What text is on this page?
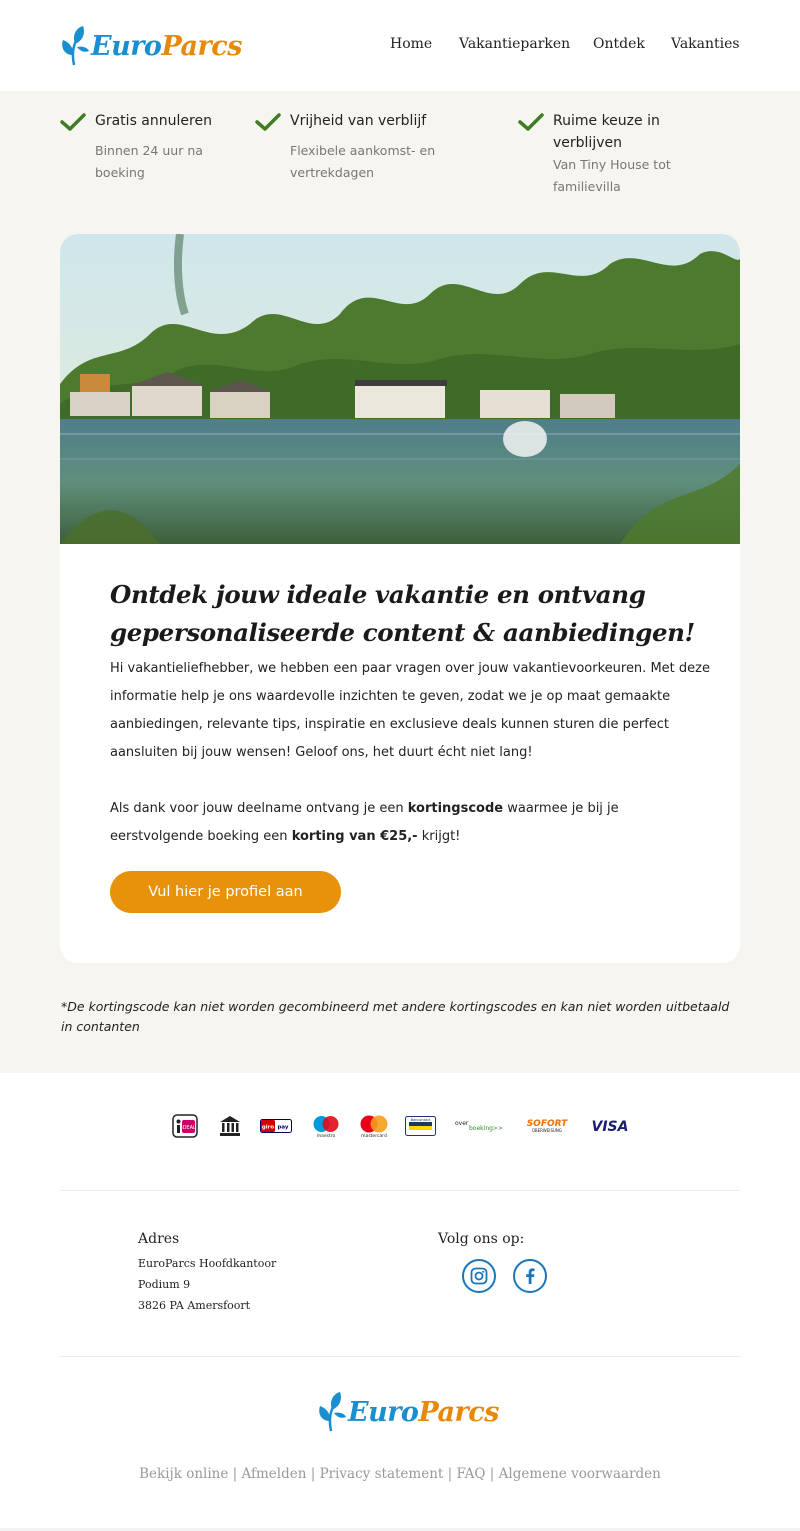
EuroParcs	Home Vakantieparken Ontdek Vakanties
Gratis annuleren
Binnen 24 uur na boeking
Vrijheid van verblijf
Flexibele aankomst- en vertrekdagen
Ruime keuze in verblijven
Van Tiny House tot familievilla
Ontdek jouw ideale vakantie en ontvang gepersonaliseerde content & aanbiedingen!
Hi vakantieliefhebber, we hebben een paar vragen over jouw vakantievoorkeuren. Met deze informatie help je ons waardevolle inzichten te geven, zodat we je op maat gemaakte aanbiedingen, relevante tips, inspiratie en exclusieve deals kunnen sturen die perfect aansluiten bij jouw wensen! Geloof ons, het duurt écht niet lang!
Als dank voor jouw deelname ontvang je een kortingscode waarmee je bij je eerstvolgende boeking een korting van €25,- krijgt!
Vul hier je profiel aan
*De kortingscode kan niet worden gecombineerd met andere kortingscodes en kan niet worden uitbetaald in contanten
iDEAL	giro pay
maestro	mastercard
Bancontact	over
boeking>>	SOFORT
ÜBERWEISUNG VISA
Adres
EuroParcs Hoofdkantoor
Podium 9
3826 PA Amersfoort
Volg ons op:
EuroParcs
Bekijk online | Afmelden | Privacy statement | FAQ | Algemene voorwaarden
